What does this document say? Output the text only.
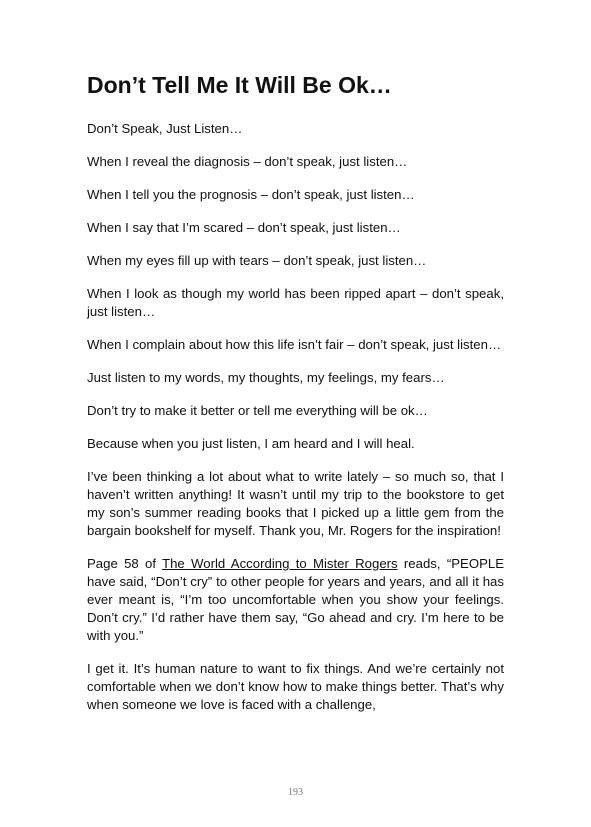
Don’t Tell Me It Will Be Ok…

Don’t Speak, Just Listen…

When I reveal the diagnosis – don’t speak, just listen…

When I tell you the prognosis – don’t speak, just listen…

When I say that I’m scared – don’t speak, just listen…

When my eyes fill up with tears – don’t speak, just listen…

When I look as though my world has been ripped apart – don’t speak, just listen…

When I complain about how this life isn’t fair – don’t speak, just listen…

Just listen to my words, my thoughts, my feelings, my fears…

Don’t try to make it better or tell me everything will be ok…

Because when you just listen, I am heard and I will heal.

I’ve been thinking a lot about what to write lately – so much so, that I haven’t written anything! It wasn’t until my trip to the bookstore to get my son’s summer reading books that I picked up a little gem from the bargain bookshelf for myself. Thank you, Mr. Rogers for the inspiration!

Page 58 of The World According to Mister Rogers reads, “PEOPLE have said, “Don’t cry” to other people for years and years, and all it has ever meant is, “I’m too uncomfortable when you show your feelings. Don’t cry.” I’d rather have them say, “Go ahead and cry. I’m here to be with you.”

I get it. It’s human nature to want to fix things. And we’re certainly not comfortable when we don’t know how to make things better. That’s why when someone we love is faced with a challenge,

193
